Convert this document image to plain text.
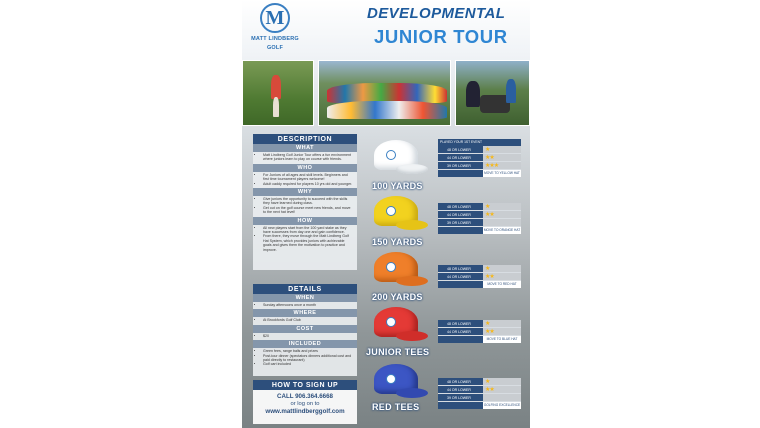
M
MATT LINDBERG
GOLF
DEVELOPMENTAL
JUNIOR TOUR
DESCRIPTION
WHAT
• Matt Lindberg Golf Junior Tour offers a fun environment where juniors learn to play on course with friends.
WHO
• For Juniors of all ages and skill levels. Beginners and first time tournament players welcome!
• Adult caddy required for players 10 yrs old and younger.
WHY
• Give juniors the opportunity to succeed with the skills they have learned during class.
• Get out on the golf course meet new friends, and move to the next hat level!
HOW
• All new players start from the 100 yard stake as they have successes from day one and gain confidence.
• From there, they move through the Matt Lindberg Golf Hat System, which provides juniors with achievable goals and gives them the motivation to practice and improve.
DETAILS
WHEN
• Sunday afternoons once a month
WHERE
• At Brookfords Golf Club
COST
• $20
INCLUDED
• Green fees, range balls and prizes
• Post-tour dinner (spectators dinners additional cost and paid directly to restaurant)
• Golf cart included
HOW TO SIGN UP
CALL 906.364.6668
or log on to
www.mattlindberggolf.com
100 YARDS
PLAYED YOUR 1ST EVENT
48 OR LOWER	★
44 OR LOWER	★★
39 OR LOWER	★★★
MOVE TO YELLOW HAT
150 YARDS
48 OR LOWER	★
44 OR LOWER	★★
39 OR LOWER
MOVE TO ORANGE HAT
200 YARDS
48 OR LOWER	★
44 OR LOWER	★★
MOVE TO RED HAT
JUNIOR TEES
48 OR LOWER	★
44 OR LOWER	★★
MOVE TO BLUE HAT
RED TEES
48 OR LOWER	★
44 OR LOWER	★★
39 OR LOWER
GOLFING EXCELLENCE
